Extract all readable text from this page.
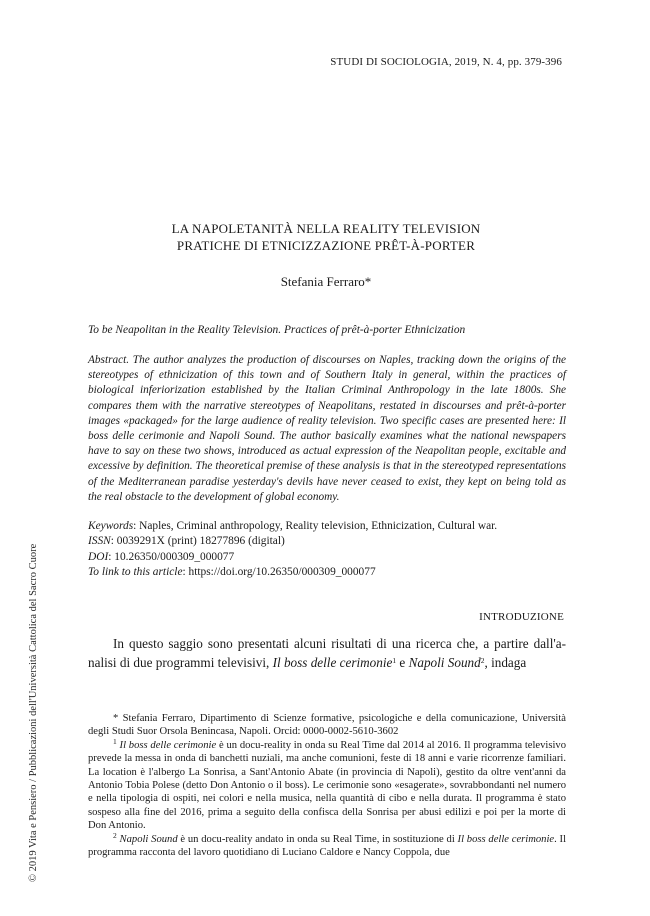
STUDI DI SOCIOLOGIA, 2019, N. 4, pp. 379-396
© 2019 Vita e Pensiero / Pubblicazioni dell'Università Cattolica del Sacro Cuore
LA NAPOLETANITÀ NELLA REALITY TELEVISION
PRATICHE DI ETNICIZZAZIONE PRÊT-À-PORTER
Stefania Ferraro*
To be Neapolitan in the Reality Television. Practices of prêt-à-porter Ethnicization

Abstract. The author analyzes the production of discourses on Naples, tracking down the origins of the stereotypes of ethnicization of this town and of Southern Italy in general, within the practices of biological inferiorization established by the Italian Criminal Anthropology in the late 1800s. She compares them with the narrative stereotypes of Neapolitans, restated in discourses and prêt-à-porter images «packaged» for the large audience of reality television. Two specific cases are presented here: Il boss delle cerimonie and Napoli Sound. The author basically examines what the national newspapers have to say on these two shows, introduced as actual expression of the Neapolitan people, excitable and excessive by definition. The theoretical premise of these analysis is that in the stereotyped representations of the Mediterranean paradise yesterday's devils have never ceased to exist, they kept on being told as the real obstacle to the development of global economy.

Keywords: Naples, Criminal anthropology, Reality television, Ethnicization, Cultural war.
ISSN: 0039291X (print) 18277896 (digital)
DOI: 10.26350/000309_000077
To link to this article: https://doi.org/10.26350/000309_000077
INTRODUZIONE

In questo saggio sono presentati alcuni risultati di una ricerca che, a partire dall'a-nalisi di due programmi televisivi, Il boss delle cerimonie$^1$ e Napoli Sound$^2$, indaga

* Stefania Ferraro, Dipartimento di Scienze formative, psicologiche e della comunicazione, Università degli Studi Suor Orsola Benincasa, Napoli. Orcid: 0000-0002-5610-3602

$^1$ Il boss delle cerimonie è un docu-reality in onda su Real Time dal 2014 al 2016. Il programma televisivo prevede la messa in onda di banchetti nuziali, ma anche comunioni, feste di 18 anni e varie ricorrenze familiari. La location è l'albergo La Sonrisa, a Sant'Antonio Abate (in provincia di Napoli), gestito da oltre vent'anni da Antonio Tobia Polese (detto Don Antonio o il boss). Le cerimonie sono «esagerate», sovrabbondanti nel numero e nella tipologia di ospiti, nei colori e nella musica, nella quantità di cibo e nella durata. Il programma è stato sospeso alla fine del 2016, prima a seguito della confisca della Sonrisa per abusi edilizi e poi per la morte di Don Antonio.

$^2$ Napoli Sound è un docu-reality andato in onda su Real Time, in sostituzione di Il boss delle cerimonie. Il programma racconta del lavoro quotidiano di Luciano Caldore e Nancy Coppola, due
